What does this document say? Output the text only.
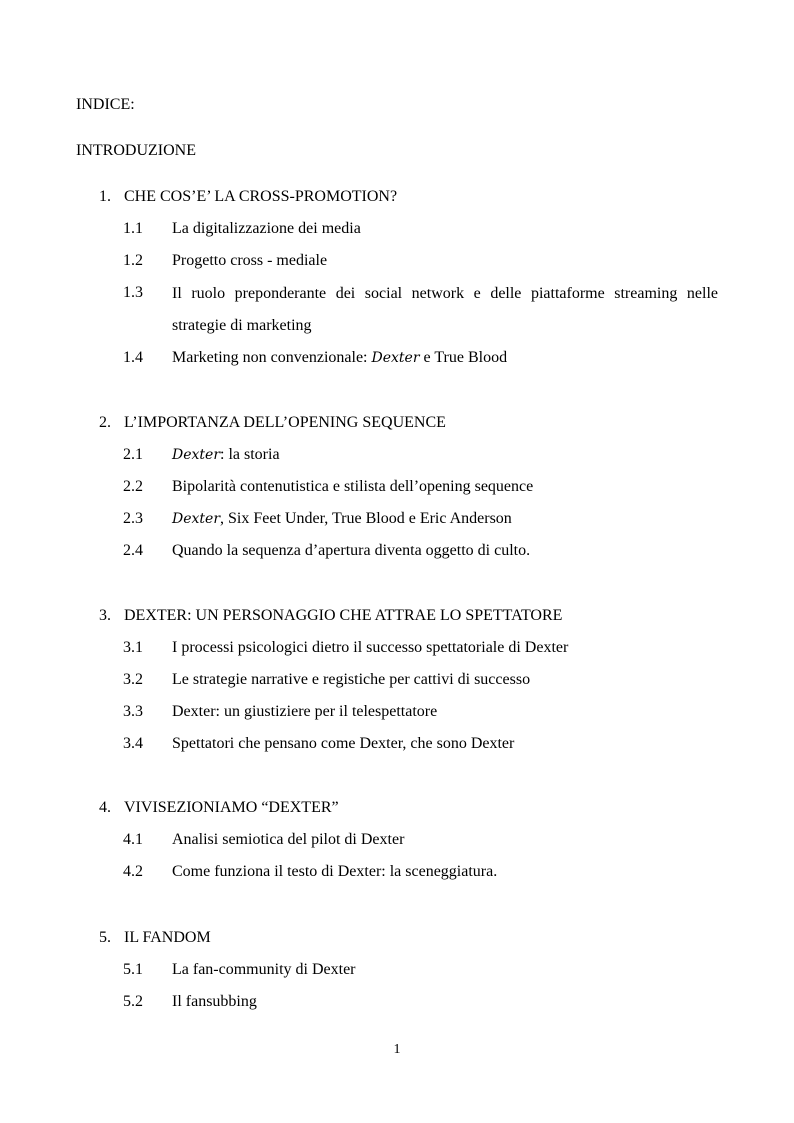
INDICE:
INTRODUZIONE
1. CHE COS’E’ LA CROSS-PROMOTION?
1.1 La digitalizzazione dei media
1.2 Progetto cross - mediale
1.3 Il ruolo preponderante dei social network e delle piattaforme streaming nelle strategie di marketing
1.4 Marketing non convenzionale: Dexter e True Blood
2. L’IMPORTANZA DELL’OPENING SEQUENCE
2.1 Dexter: la storia
2.2 Bipolarità contenutistica e stilista dell’opening sequence
2.3 Dexter, Six Feet Under, True Blood e Eric Anderson
2.4 Quando la sequenza d’apertura diventa oggetto di culto.
3. DEXTER: UN PERSONAGGIO CHE ATTRAE LO SPETTATORE
3.1 I processi psicologici dietro il successo spettatoriale di Dexter
3.2 Le strategie narrative e registiche per cattivi di successo
3.3 Dexter: un giustiziere per il telespettatore
3.4 Spettatori che pensano come Dexter, che sono Dexter
4. VIVISEZIONIAMO “DEXTER”
4.1 Analisi semiotica del pilot di Dexter
4.2 Come funziona il testo di Dexter: la sceneggiatura.
5. IL FANDOM
5.1 La fan-community di Dexter
5.2 Il fansubbing
1
